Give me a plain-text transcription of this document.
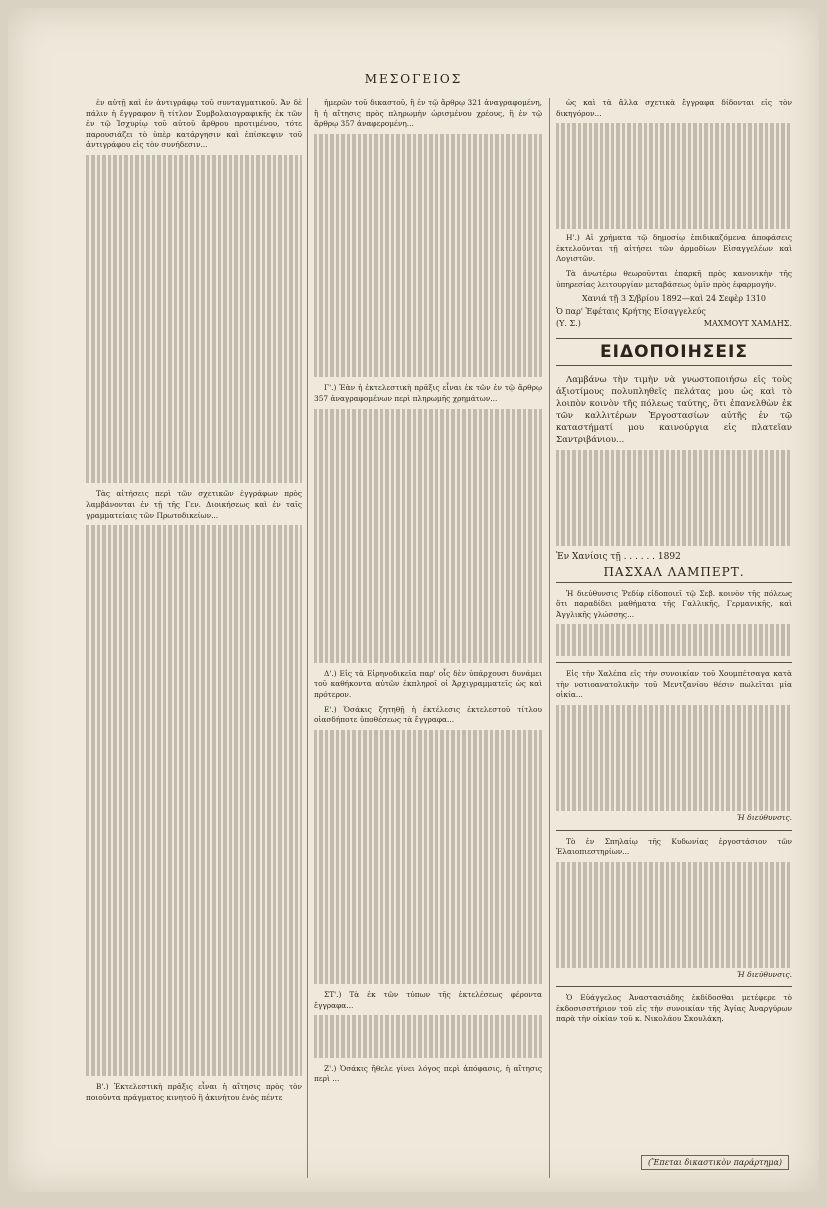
ΜΕΣΟΓΕΙΟΣ

ἐν αὐτῇ καὶ ἐν ἀντιγράφῳ τοῦ συνταγματικοῦ. Ἀν δὲ πάλιν ἡ ἔγγραφον ἢ τίτλον Συμβολαιογραφικῆς ἐκ τῶν ἐν τῷ Ἰσχυρίῳ τοῦ αὐτοῦ ἄρθρου προτιμένου, τότε παρουσιάζει τὸ ὑπὲρ κατάργησιν καὶ ἐπίσκεψιν τοῦ ἀντιγράφου εἰς τὸν συνήδεσιν...

Τὰς αἰτήσεις περὶ τῶν σχετικῶν ἐγγράφων πρὸς λαμβάνονται ἐν τῇ τῆς Γεν. Διοικήσεως καὶ ἐν ταῖς γραμματείαις τῶν Πρωτοδικείων...

Β'.) Ἐκτελεστικὴ πρᾶξις εἶναι ἡ αἴτησις πρὸς τὸν ποιοῦντα πράγματος κινητοῦ ἢ ἀκινήτου ἐνὸς πέντε

ἡμερῶν τοῦ δικαστοῦ, ἢ ἐν τῷ ἄρθρῳ 321 ἀναγραφομένη, ἢ ἡ αἴτησις πρὸς πληρωμὴν ὡρισμένου χρέους, ἢ ἐν τῷ ἄρθρῳ 357 ἀναφερομένη...

Γ'.) Ἐὰν ἡ ἐκτελεστικὴ πρᾶξις εἶναι ἐκ τῶν ἐν τῷ ἄρθρῳ 357 ἀναγραφομένων περὶ πληρωμῆς χρημάτων...

Δ'.) Εἰς τὰ Εἰρηνοδικεῖα παρ' οἷς δὲν ὑπάρχουσι δυνάμει τοῦ καθήκοντα αὐτῶν ἐκπληροῖ οἱ Ἀρχιγραμματεῖς ὡς καὶ πρότερον.

Ε'.) Ὁσάκις ζητηθῇ ἡ ἐκτέλεσις ἐκτελεστοῦ τίτλου οἱασδήποτε ὑποθέσεως τὰ ἔγγραφα...

ΣΤ'.) Τὰ ἐκ τῶν τύπων τῆς ἐκτελέσεως φέροντα ἔγγραφα...

Ζ'.) Ὁσάκις ἤθελε γίνει λόγος περὶ ἀπόφασις, ἡ αἴτησις περὶ ...

ὡς καὶ τὰ ἄλλα σχετικὰ ἔγγραφα δίδονται εἰς τὸν δικηγόρον...

Η'.) Αἱ χρήματα τῷ δημοσίῳ ἐπιδικαζόμενα ἀποφάσεις ἐκτελοῦνται τῇ αἰτήσει τῶν ἁρμοδίων Εἰσαγγελέων καὶ Λογιστῶν.

Τὰ ἀνωτέρω θεωροῦνται ἐπαρκῆ πρὸς κανονικὴν τῆς ὑπηρεσίας λειτουργίαν μεταβάσεως ὑμῖν πρὸς ἐφαρμογήν.

Χανιά τῇ 3 Σ/βρίου 1892—καὶ 24 Σεφὲρ 1310
Ὁ παρ' Ἐφέταις Κρήτης Εἰσαγγελεύς
(Υ. Σ.)	ΜΑΧΜΟΥΤ ΧΑΜΔΗΣ.
ΕΙΔΟΠΟΙΗΣΕΙΣ

Λαμβάνω τὴν τιμὴν νὰ γνωστοποιήσω εἰς τοὺς ἀξιοτίμους πολυπληθεῖς πελάτας μου ὡς καὶ τὸ λοιπὸν κοινὸν τῆς πόλεως ταύτης, ὅτι ἐπανελθὼν ἐκ τῶν καλλιτέρων Ἐργοστασίων αὐτῆς ἐν τῷ καταστήματί μου καινούργια εἰς πλατεῖαν Σαντριβάνιου...

Ἐν Χανίοις τῇ . . . . . . 1892
ΠΑΣΧΑΛ ΛΑΜΠΕΡΤ.

Ἡ διεύθυνσις Ῥεδίφ εἰδοποιεῖ τῷ Σεβ. κοινὸν τῆς πόλεως ὅτι παραδίδει μαθήματα τῆς Γαλλικῆς, Γερμανικῆς, καὶ Ἀγγλικῆς γλώσσης...

Εἰς τὴν Χαλέπα εἰς τὴν συνοικίαν τοῦ Χουμπέτσαγα κατὰ τὴν νοτιοανατολικὴν τοῦ Μεντζανίου θέσιν πωλεῖται μία οἰκία...

Ἡ διεύθυνσις.

Τὸ ἐν Σπηλαίῳ τῆς Κυδωνίας ἐργοστάσιον τῶν Ἐλαιοπιεστηρίων...

Ἡ διεύθυνσις.

Ὁ Εὐάγγελος Ἀναστασιάδης ἐκδίδοσθαι μετέφερε τὸ ἐκδοσισστήριον τοῦ εἰς τὴν συνοικίαν τῆς Ἁγίας Ἀναργύρων παρὰ τὴν οἰκίαν τοῦ κ. Νικολάου Σκουλάκη.

(Ἕπεται δικαστικὸν παράρτημα)
